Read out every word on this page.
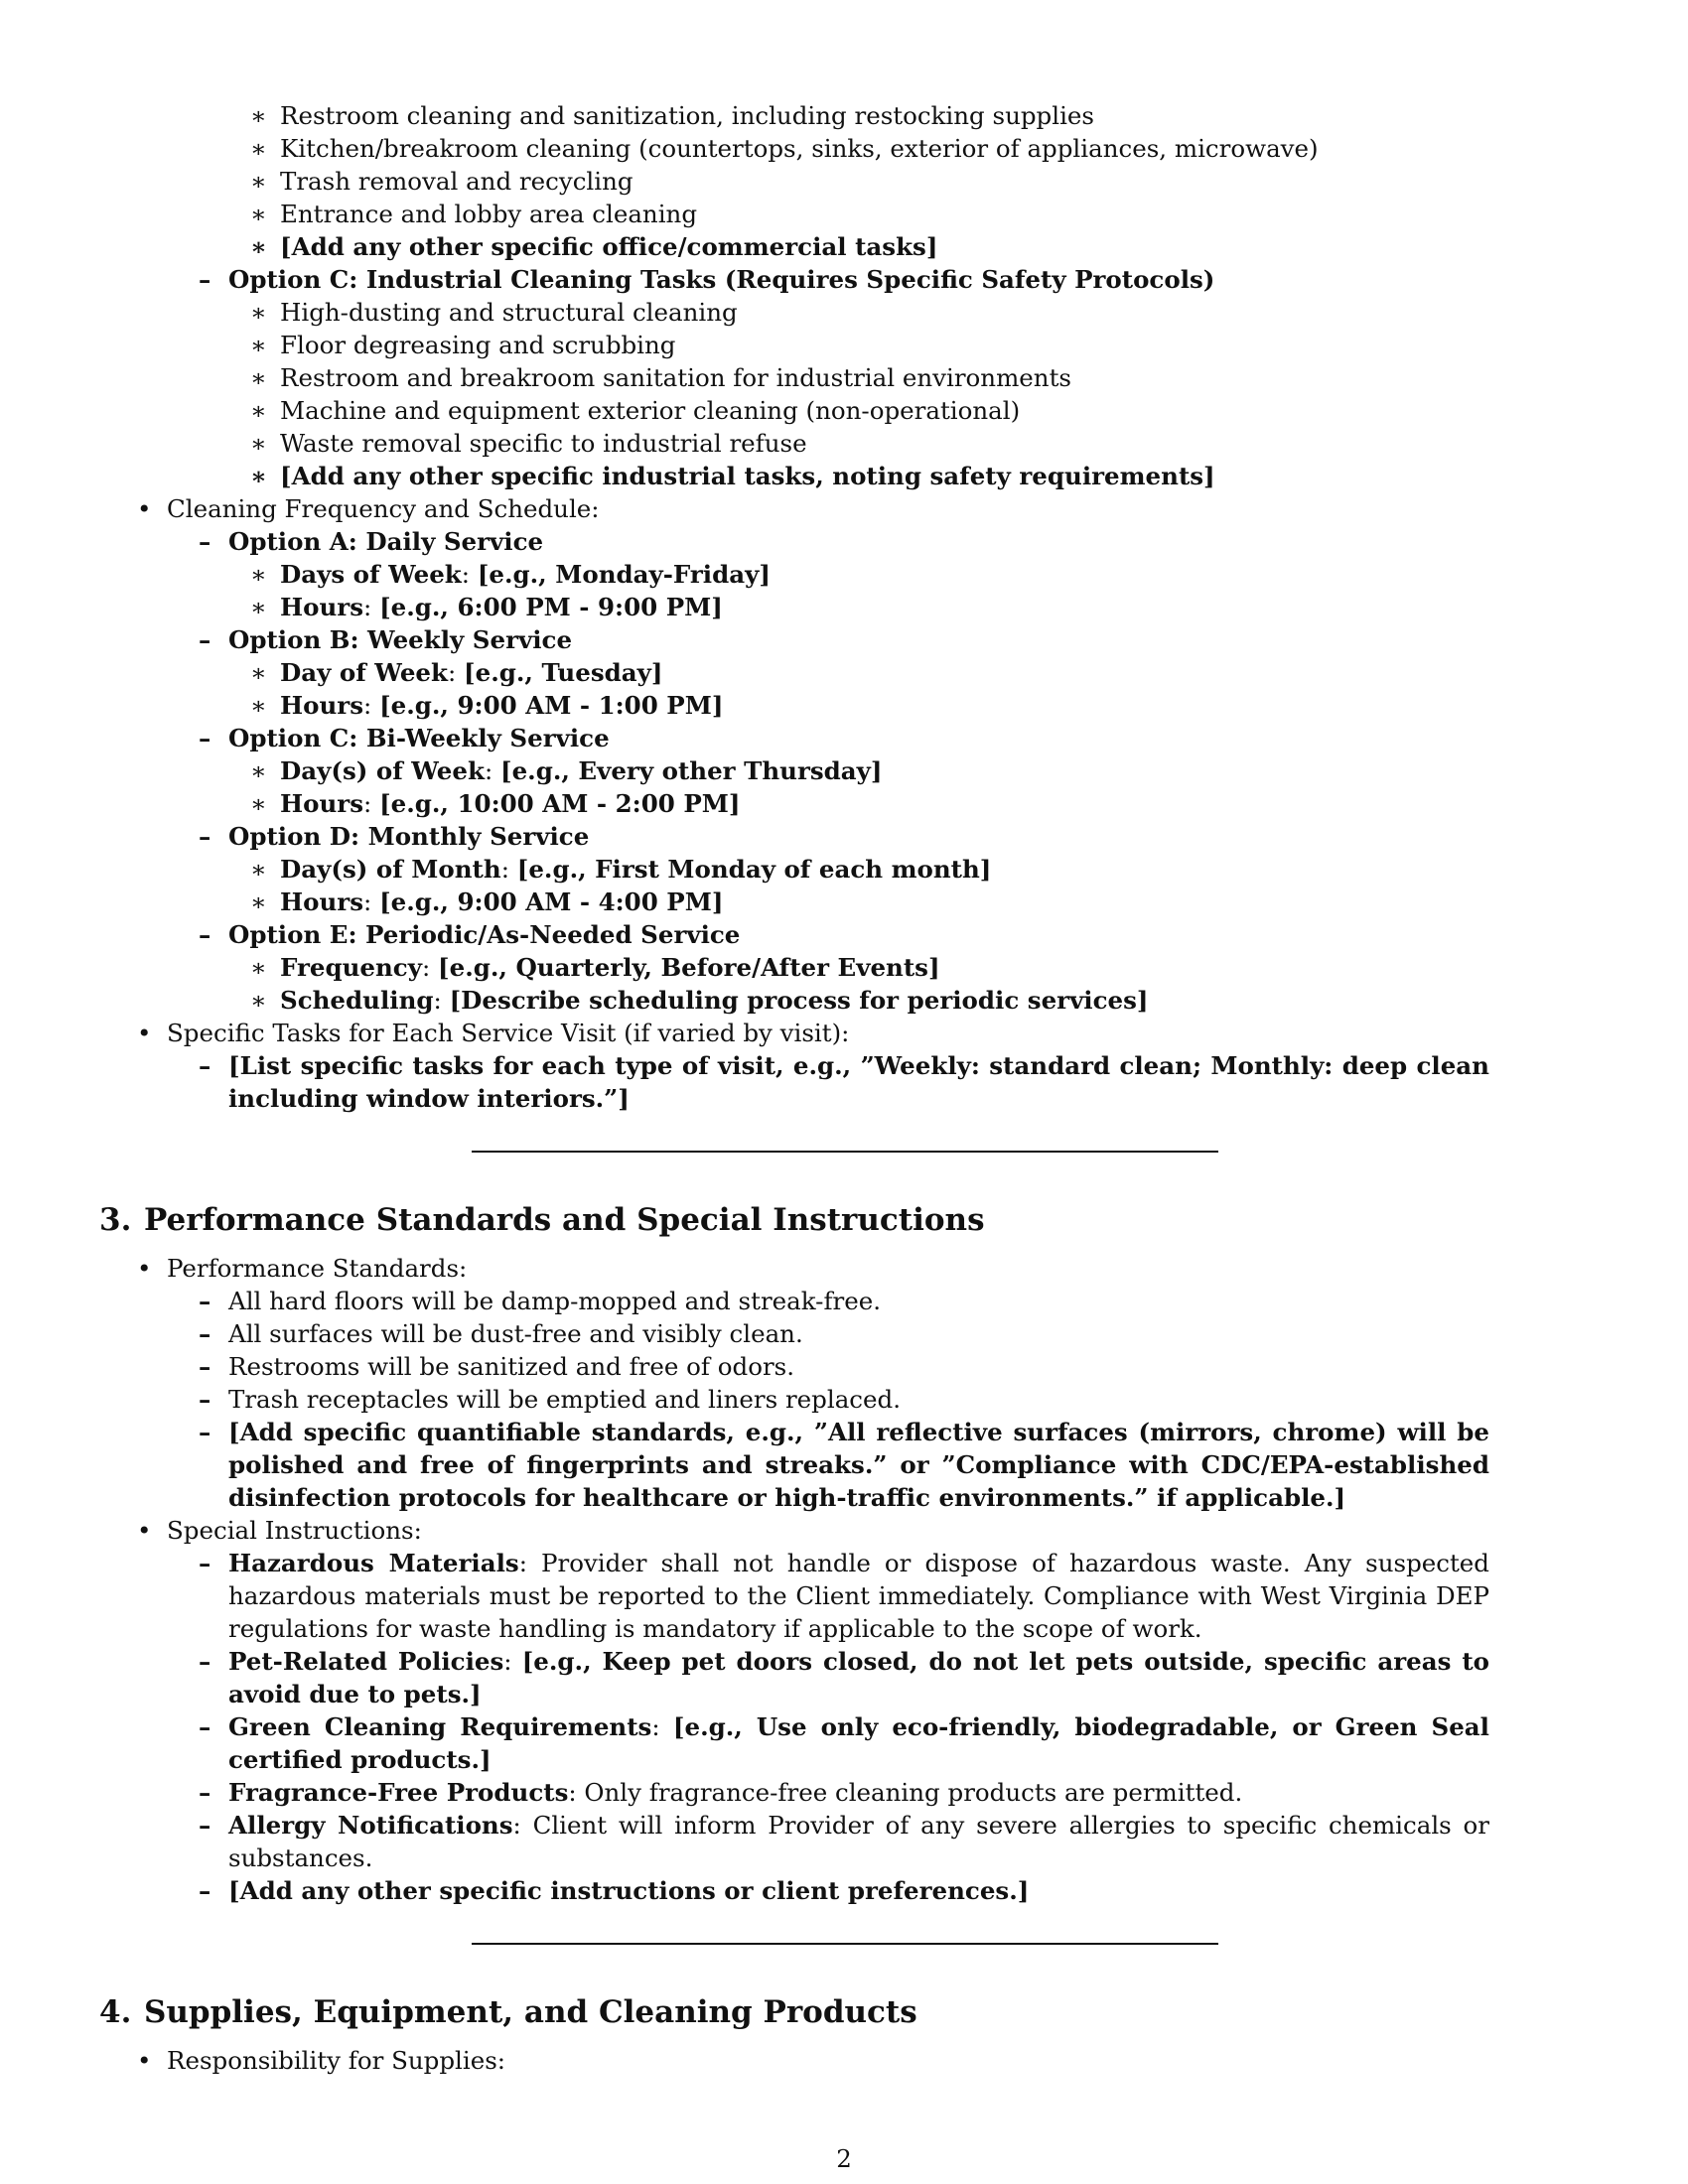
∗ Restroom cleaning and sanitization, including restocking supplies
∗ Kitchen/breakroom cleaning (countertops, sinks, exterior of appliances, microwave)
∗ Trash removal and recycling
∗ Entrance and lobby area cleaning
∗ [Add any other specific office/commercial tasks]
– Option C: Industrial Cleaning Tasks (Requires Specific Safety Protocols)
∗ High-dusting and structural cleaning
∗ Floor degreasing and scrubbing
∗ Restroom and breakroom sanitation for industrial environments
∗ Machine and equipment exterior cleaning (non-operational)
∗ Waste removal specific to industrial refuse
∗ [Add any other specific industrial tasks, noting safety requirements]
• Cleaning Frequency and Schedule:
– Option A: Daily Service
∗ Days of Week: [e.g., Monday-Friday]
∗ Hours: [e.g., 6:00 PM - 9:00 PM]
– Option B: Weekly Service
∗ Day of Week: [e.g., Tuesday]
∗ Hours: [e.g., 9:00 AM - 1:00 PM]
– Option C: Bi-Weekly Service
∗ Day(s) of Week: [e.g., Every other Thursday]
∗ Hours: [e.g., 10:00 AM - 2:00 PM]
– Option D: Monthly Service
∗ Day(s) of Month: [e.g., First Monday of each month]
∗ Hours: [e.g., 9:00 AM - 4:00 PM]
– Option E: Periodic/As-Needed Service
∗ Frequency: [e.g., Quarterly, Before/After Events]
∗ Scheduling: [Describe scheduling process for periodic services]
• Specific Tasks for Each Service Visit (if varied by visit):
– [List specific tasks for each type of visit, e.g., ”Weekly: standard clean; Monthly: deep clean including window interiors.”]
3. Performance Standards and Special Instructions
• Performance Standards:
– All hard floors will be damp-mopped and streak-free.
– All surfaces will be dust-free and visibly clean.
– Restrooms will be sanitized and free of odors.
– Trash receptacles will be emptied and liners replaced.
– [Add specific quantifiable standards, e.g., ”All reflective surfaces (mirrors, chrome) will be polished and free of fingerprints and streaks.” or ”Compliance with CDC/EPA-established disinfection protocols for healthcare or high-traffic environments.” if applicable.]
• Special Instructions:
– Hazardous Materials: Provider shall not handle or dispose of hazardous waste. Any suspected hazardous materials must be reported to the Client immediately. Compliance with West Virginia DEP regulations for waste handling is mandatory if applicable to the scope of work.
– Pet-Related Policies: [e.g., Keep pet doors closed, do not let pets outside, specific areas to avoid due to pets.]
– Green Cleaning Requirements: [e.g., Use only eco-friendly, biodegradable, or Green Seal certified products.]
– Fragrance-Free Products: Only fragrance-free cleaning products are permitted.
– Allergy Notifications: Client will inform Provider of any severe allergies to specific chemicals or substances.
– [Add any other specific instructions or client preferences.]
4. Supplies, Equipment, and Cleaning Products
• Responsibility for Supplies:
2
